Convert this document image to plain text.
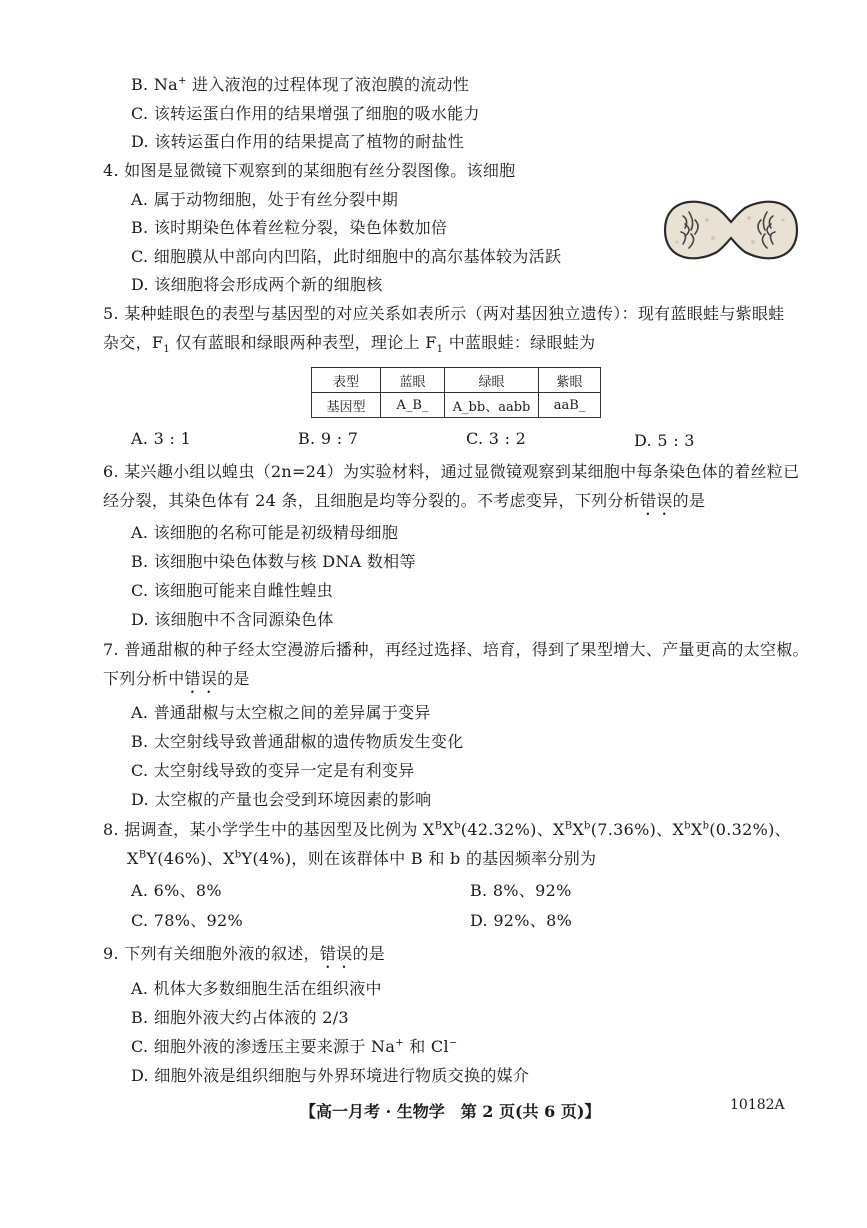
B. Na+ 进入液泡的过程体现了液泡膜的流动性
C. 该转运蛋白作用的结果增强了细胞的吸水能力
D. 该转运蛋白作用的结果提高了植物的耐盐性
4. 如图是显微镜下观察到的某细胞有丝分裂图像。该细胞
A. 属于动物细胞，处于有丝分裂中期
B. 该时期染色体着丝粒分裂，染色体数加倍
C. 细胞膜从中部向内凹陷，此时细胞中的高尔基体较为活跃
D. 该细胞将会形成两个新的细胞核
5. 某种蛙眼色的表型与基因型的对应关系如表所示（两对基因独立遗传）：现有蓝眼蛙与紫眼蛙
杂交，$F_1$ 仅有蓝眼和绿眼两种表型，理论上 $F_1$ 中蓝眼蛙：绿眼蛙为
表型	蓝眼	绿眼	紫眼
基因型	A_B_	A_bb、aabb	aaB_
A. 3 : 1	B. 9 : 7	C. 3 : 2	D. 5 : 3
6. 某兴趣小组以蝗虫（2n=24）为实验材料，通过显微镜观察到某细胞中每条染色体的着丝粒已
经分裂，其染色体有 24 条，且细胞是均等分裂的。不考虑变异，下列分析错误的是
A. 该细胞的名称可能是初级精母细胞
B. 该细胞中染色体数与核 DNA 数相等
C. 该细胞可能来自雌性蝗虫
D. 该细胞中不含同源染色体
7. 普通甜椒的种子经太空漫游后播种，再经过选择、培育，得到了果型增大、产量更高的太空椒。
下列分析中错误的是
A. 普通甜椒与太空椒之间的差异属于变异
B. 太空射线导致普通甜椒的遗传物质发生变化
C. 太空射线导致的变异一定是有利变异
D. 太空椒的产量也会受到环境因素的影响
8. 据调查，某小学学生中的基因型及比例为 $X^BX^b(42.32\%)$、$X^BX^b(7.36\%)$、$X^bX^b(0.32\%)$、
$X^BY(46\%)$、$X^bY(4\%)$，则在该群体中 B 和 b 的基因频率分别为
A. 6%、8%	B. 8%、92%
C. 78%、92%	D. 92%、8%
9. 下列有关细胞外液的叙述，错误的是
A. 机体大多数细胞生活在组织液中
B. 细胞外液大约占体液的 2/3
C. 细胞外液的渗透压主要来源于 Na+ 和 Cl−
D. 细胞外液是组织细胞与外界环境进行物质交换的媒介
【高一月考 · 生物学　第 2 页(共 6 页)】	10182A
